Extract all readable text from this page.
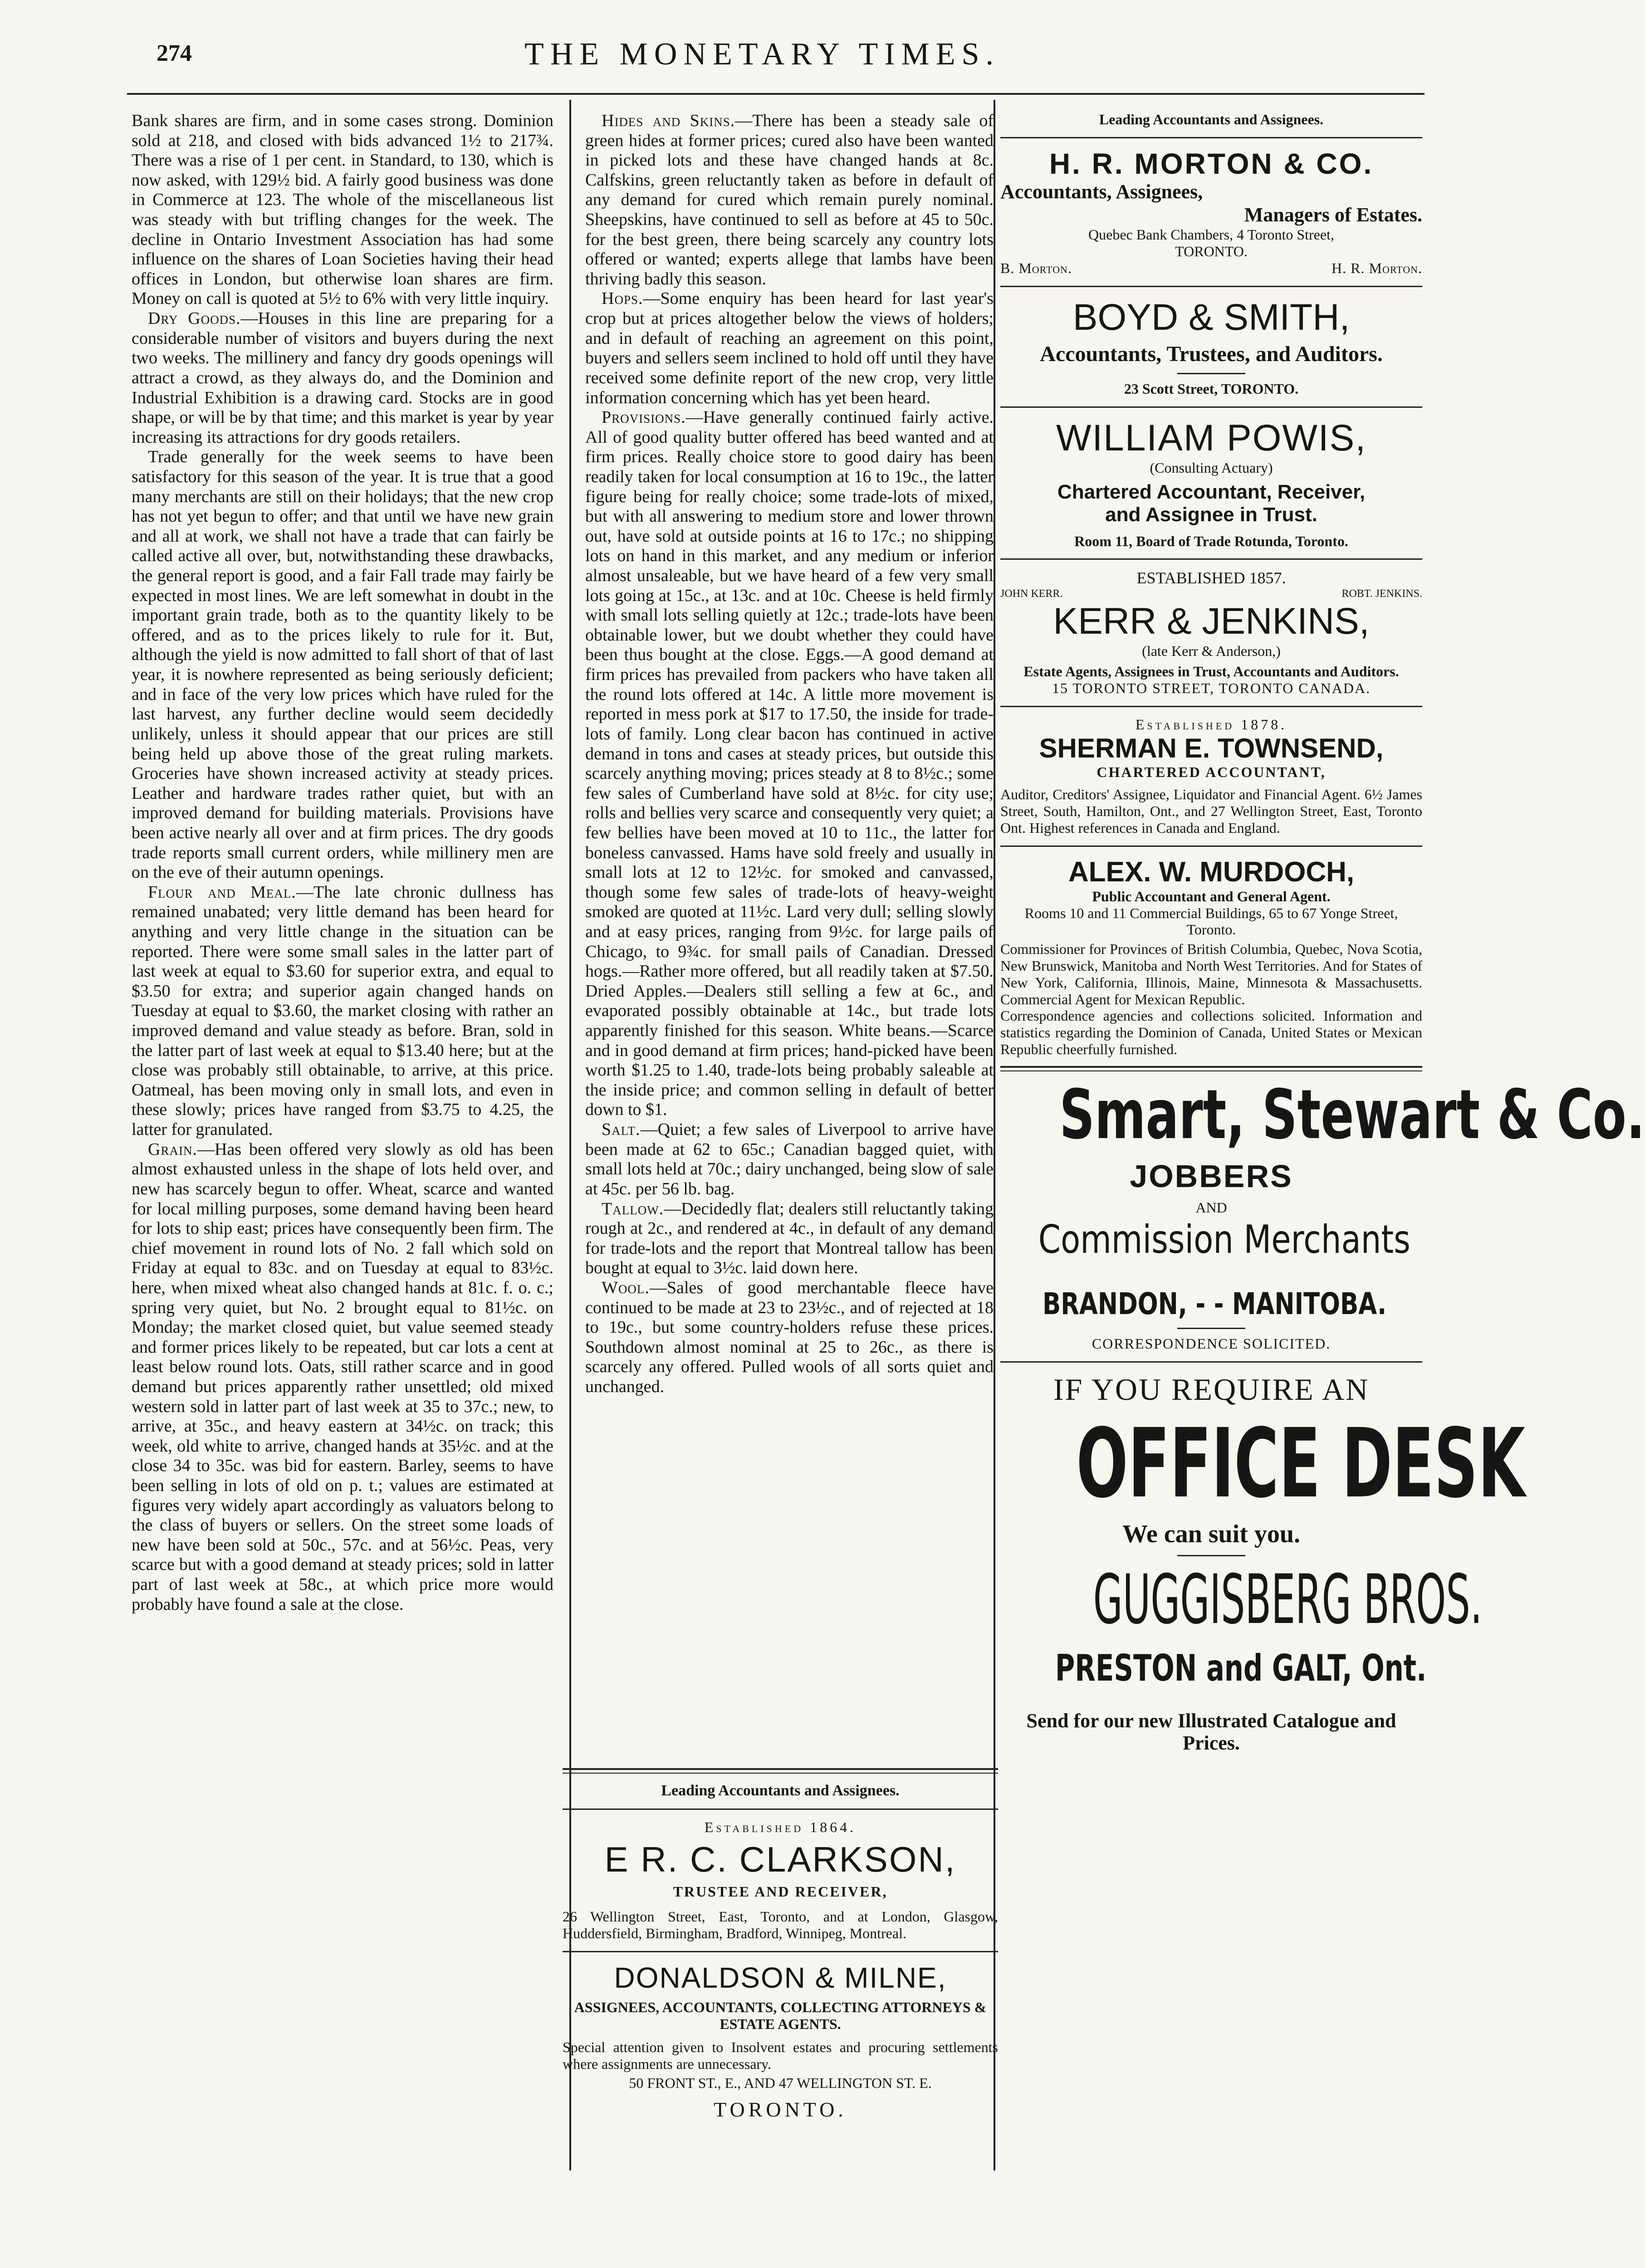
274	THE MONETARY TIMES.

Bank shares are firm, and in some cases strong. Dominion sold at 218, and closed with bids advanced 1½ to 217¾. There was a rise of 1 per cent. in Standard, to 130, which is now asked, with 129½ bid. A fairly good business was done in Commerce at 123. The whole of the miscellaneous list was steady with but trifling changes for the week. The decline in Ontario Investment Association has had some influence on the shares of Loan Societies having their head offices in London, but otherwise loan shares are firm. Money on call is quoted at 5½ to 6% with very little inquiry.

Dry Goods.—Houses in this line are preparing for a considerable number of visitors and buyers during the next two weeks. The millinery and fancy dry goods openings will attract a crowd, as they always do, and the Dominion and Industrial Exhibition is a drawing card. Stocks are in good shape, or will be by that time; and this market is year by year increasing its attractions for dry goods retailers.

Trade generally for the week seems to have been satisfactory for this season of the year. It is true that a good many merchants are still on their holidays; that the new crop has not yet begun to offer; and that until we have new grain and all at work, we shall not have a trade that can fairly be called active all over, but, notwithstanding these drawbacks, the general report is good, and a fair Fall trade may fairly be expected in most lines. We are left somewhat in doubt in the important grain trade, both as to the quantity likely to be offered, and as to the prices likely to rule for it. But, although the yield is now admitted to fall short of that of last year, it is nowhere represented as being seriously deficient; and in face of the very low prices which have ruled for the last harvest, any further decline would seem decidedly unlikely, unless it should appear that our prices are still being held up above those of the great ruling markets. Groceries have shown increased activity at steady prices. Leather and hardware trades rather quiet, but with an improved demand for building materials. Provisions have been active nearly all over and at firm prices. The dry goods trade reports small current orders, while millinery men are on the eve of their autumn openings.

Flour and Meal.—The late chronic dullness has remained unabated; very little demand has been heard for anything and very little change in the situation can be reported. There were some small sales in the latter part of last week at equal to $3.60 for superior extra, and equal to $3.50 for extra; and superior again changed hands on Tuesday at equal to $3.60, the market closing with rather an improved demand and value steady as before. Bran, sold in the latter part of last week at equal to $13.40 here; but at the close was probably still obtainable, to arrive, at this price. Oatmeal, has been moving only in small lots, and even in these slowly; prices have ranged from $3.75 to 4.25, the latter for granulated.

Grain.—Has been offered very slowly as old has been almost exhausted unless in the shape of lots held over, and new has scarcely begun to offer. Wheat, scarce and wanted for local milling purposes, some demand having been heard for lots to ship east; prices have consequently been firm. The chief movement in round lots of No. 2 fall which sold on Friday at equal to 83c. and on Tuesday at equal to 83½c. here, when mixed wheat also changed hands at 81c. f. o. c.; spring very quiet, but No. 2 brought equal to 81½c. on Monday; the market closed quiet, but value seemed steady and former prices likely to be repeated, but car lots a cent at least below round lots. Oats, still rather scarce and in good demand but prices apparently rather unsettled; old mixed western sold in latter part of last week at 35 to 37c.; new, to arrive, at 35c., and heavy eastern at 34½c. on track; this week, old white to arrive, changed hands at 35½c. and at the close 34 to 35c. was bid for eastern. Barley, seems to have been selling in lots of old on p. t.; values are estimated at figures very widely apart accordingly as valuators belong to the class of buyers or sellers. On the street some loads of new have been sold at 50c., 57c. and at 56½c. Peas, very scarce but with a good demand at steady prices; sold in latter part of last week at 58c., at which price more would probably have found a sale at the close.

Hides and Skins.—There has been a steady sale of green hides at former prices; cured also have been wanted in picked lots and these have changed hands at 8c. Calfskins, green reluctantly taken as before in default of any demand for cured which remain purely nominal. Sheepskins, have continued to sell as before at 45 to 50c. for the best green, there being scarcely any country lots offered or wanted; experts allege that lambs have been thriving badly this season.

Hops.—Some enquiry has been heard for last year's crop but at prices altogether below the views of holders; and in default of reaching an agreement on this point, buyers and sellers seem inclined to hold off until they have received some definite report of the new crop, very little information concerning which has yet been heard.

Provisions.—Have generally continued fairly active. All of good quality butter offered has beed wanted and at firm prices. Really choice store to good dairy has been readily taken for local consumption at 16 to 19c., the latter figure being for really choice; some trade-lots of mixed, but with all answering to medium store and lower thrown out, have sold at outside points at 16 to 17c.; no shipping lots on hand in this market, and any medium or inferior almost unsaleable, but we have heard of a few very small lots going at 15c., at 13c. and at 10c. Cheese is held firmly with small lots selling quietly at 12c.; trade-lots have been obtainable lower, but we doubt whether they could have been thus bought at the close. Eggs.—A good demand at firm prices has prevailed from packers who have taken all the round lots offered at 14c. A little more movement is reported in mess pork at $17 to 17.50, the inside for trade-lots of family. Long clear bacon has continued in active demand in tons and cases at steady prices, but outside this scarcely anything moving; prices steady at 8 to 8½c.; some few sales of Cumberland have sold at 8½c. for city use; rolls and bellies very scarce and consequently very quiet; a few bellies have been moved at 10 to 11c., the latter for boneless canvassed. Hams have sold freely and usually in small lots at 12 to 12½c. for smoked and canvassed, though some few sales of trade-lots of heavy-weight smoked are quoted at 11½c. Lard very dull; selling slowly and at easy prices, ranging from 9½c. for large pails of Chicago, to 9¾c. for small pails of Canadian. Dressed hogs.—Rather more offered, but all readily taken at $7.50. Dried Apples.—Dealers still selling a few at 6c., and evaporated possibly obtainable at 14c., but trade lots apparently finished for this season. White beans.—Scarce and in good demand at firm prices; hand-picked have been worth $1.25 to 1.40, trade-lots being probably saleable at the inside price; and common selling in default of better down to $1.

Salt.—Quiet; a few sales of Liverpool to arrive have been made at 62 to 65c.; Canadian bagged quiet, with small lots held at 70c.; dairy unchanged, being slow of sale at 45c. per 56 lb. bag.

Tallow.—Decidedly flat; dealers still reluctantly taking rough at 2c., and rendered at 4c., in default of any demand for trade-lots and the report that Montreal tallow has been bought at equal to 3½c. laid down here.

Wool.—Sales of good merchantable fleece have continued to be made at 23 to 23½c., and of rejected at 18 to 19c., but some country-holders refuse these prices. Southdown almost nominal at 25 to 26c., as there is scarcely any offered. Pulled wools of all sorts quiet and unchanged.

Leading Accountants and Assignees.
Established 1864.
E R. C. CLARKSON,
TRUSTEE AND RECEIVER,
26 Wellington Street, East, Toronto, and at London, Glasgow, Huddersfield, Birmingham, Bradford, Winnipeg, Montreal.
DONALDSON & MILNE,
ASSIGNEES, ACCOUNTANTS, COLLECTING ATTORNEYS & ESTATE AGENTS.
Special attention given to Insolvent estates and procuring settlements where assignments are unnecessary.
50 FRONT ST., E., AND 47 WELLINGTON ST. E.
TORONTO.
Leading Accountants and Assignees.
H. R. MORTON & CO.
Accountants, Assignees,
Managers of Estates.
Quebec Bank Chambers, 4 Toronto Street,
TORONTO.
B. Morton.	H. R. Morton.
BOYD & SMITH,
Accountants, Trustees, and Auditors.
23 Scott Street, TORONTO.
WILLIAM POWIS,
(Consulting Actuary)
Chartered Accountant, Receiver,
and Assignee in Trust.
Room 11, Board of Trade Rotunda, Toronto.
ESTABLISHED 1857.
JOHN KERR.	ROBT. JENKINS.
KERR & JENKINS,
(late Kerr & Anderson,)
Estate Agents, Assignees in Trust, Accountants and Auditors.
15 TORONTO STREET, TORONTO CANADA.
Established 1878.
SHERMAN E. TOWNSEND,
CHARTERED ACCOUNTANT,
Auditor, Creditors' Assignee, Liquidator and Financial Agent. 6½ James Street, South, Hamilton, Ont., and 27 Wellington Street, East, Toronto Ont. Highest references in Canada and England.
ALEX. W. MURDOCH,
Public Accountant and General Agent.
Rooms 10 and 11 Commercial Buildings, 65 to 67 Yonge Street, Toronto.
Commissioner for Provinces of British Columbia, Quebec, Nova Scotia, New Brunswick, Manitoba and North West Territories. And for States of New York, California, Illinois, Maine, Minnesota & Massachusetts. Commercial Agent for Mexican Republic.
Correspondence agencies and collections solicited. Information and statistics regarding the Dominion of Canada, United States or Mexican Republic cheerfully furnished.
Smart, Stewart & Co.
JOBBERS
AND
Commission Merchants
BRANDON, - - MANITOBA.
CORRESPONDENCE SOLICITED.
IF YOU REQUIRE AN
OFFICE DESK
We can suit you.
GUGGISBERG BROS.
PRESTON and GALT, Ont.
Send for our new Illustrated Catalogue and Prices.
